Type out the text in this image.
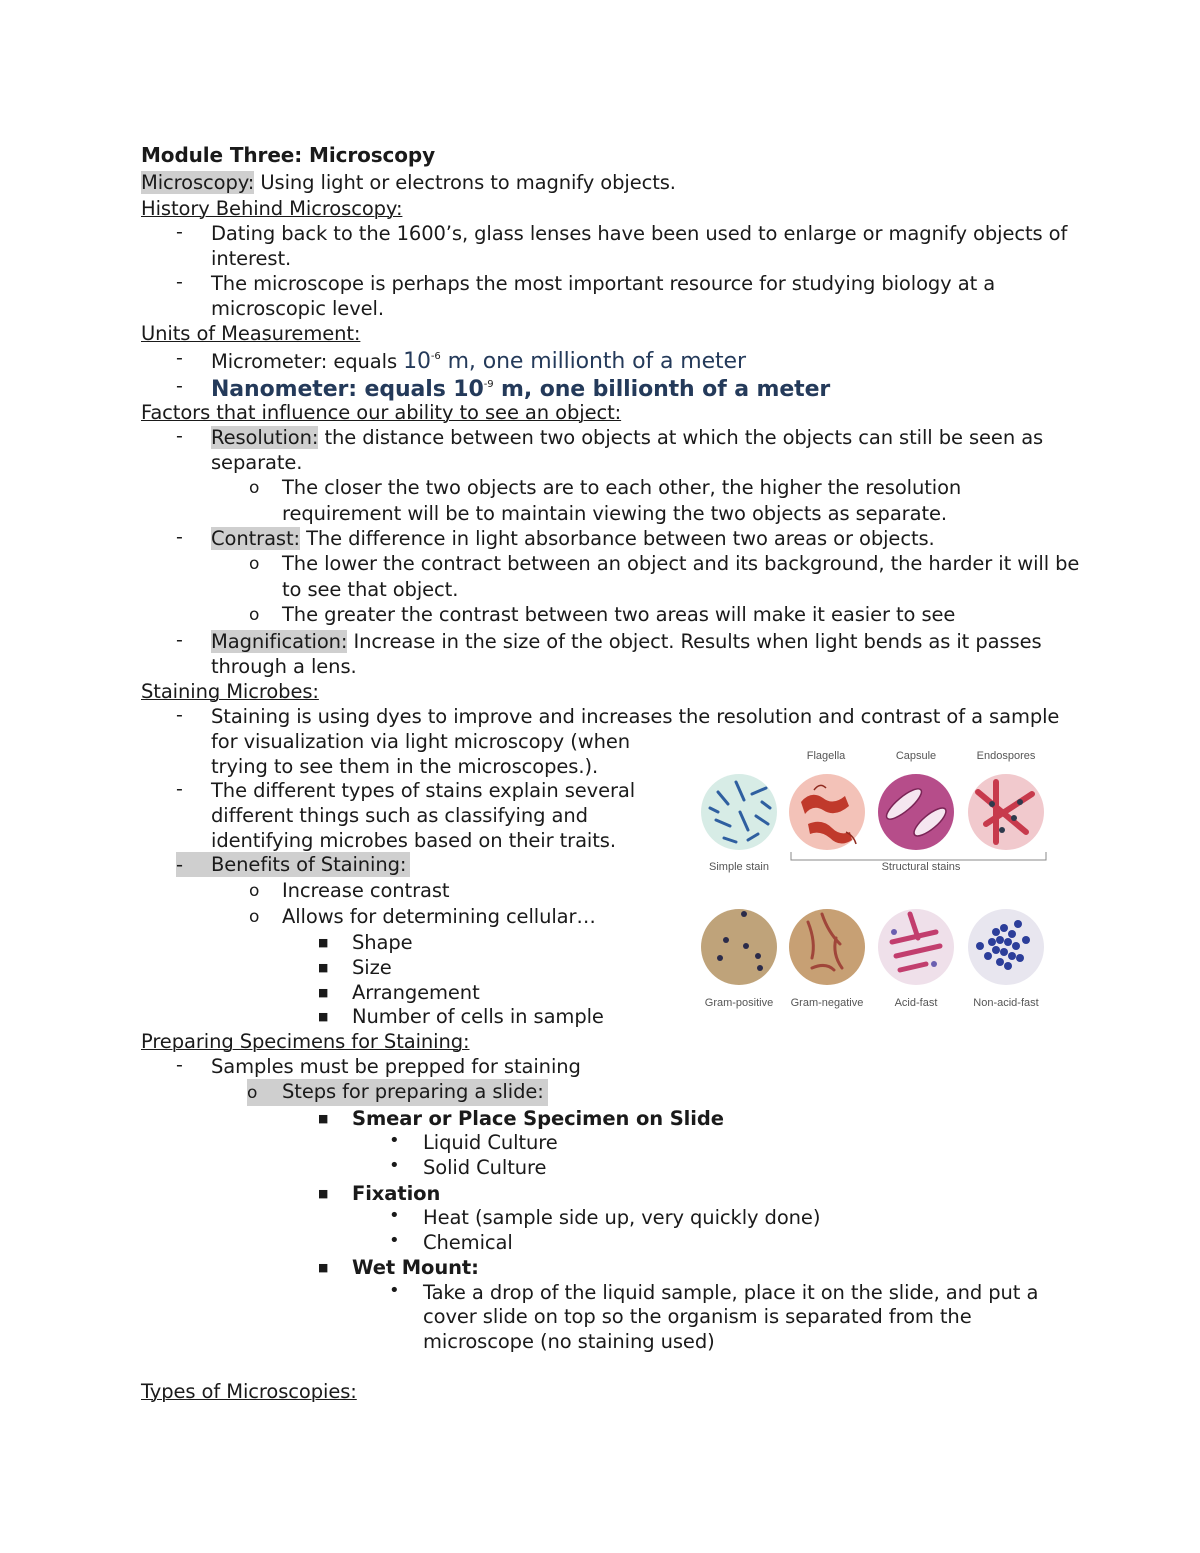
Module Three: Microscopy
Microscopy: Using light or electrons to magnify objects.
History Behind Microscopy:
- Dating back to the 1600’s, glass lenses have been used to enlarge or magnify objects of
interest.
- The microscope is perhaps the most important resource for studying biology at a
microscopic level.
Units of Measurement:
- Micrometer: equals $10^{-6}$ m, one millionth of a meter
- Nanometer: equals $10^{-9}$ m, one billionth of a meter
Factors that influence our ability to see an object:
- Resolution: the distance between two objects at which the objects can still be seen as
separate.
o The closer the two objects are to each other, the higher the resolution
requirement will be to maintain viewing the two objects as separate.
- Contrast: The difference in light absorbance between two areas or objects.
o The lower the contract between an object and its background, the harder it will be
to see that object.
o The greater the contrast between two areas will make it easier to see
- Magnification: Increase in the size of the object. Results when light bends as it passes
through a lens.
Staining Microbes:
- Staining is using dyes to improve and increases the resolution and contrast of a sample
for visualization via light microscopy (when
trying to see them in the microscopes.).
- The different types of stains explain several
different things such as classifying and
identifying microbes based on their traits.
- Benefits of Staining:
o Increase contrast
o Allows for determining cellular…
■ Shape
■ Size
■ Arrangement
■ Number of cells in sample
Flagella	Capsule	Endospores
Simple stain	Structural stains
Gram-positive Gram-negative	Acid-fast	Non-acid-fast
Preparing Specimens for Staining:
- Samples must be prepped for staining
o Steps for preparing a slide:
■ Smear or Place Specimen on Slide
• Liquid Culture
• Solid Culture
■ Fixation
• Heat (sample side up, very quickly done)
• Chemical
■ Wet Mount:
• Take a drop of the liquid sample, place it on the slide, and put a
cover slide on top so the organism is separated from the
microscope (no staining used)
Types of Microscopies:
